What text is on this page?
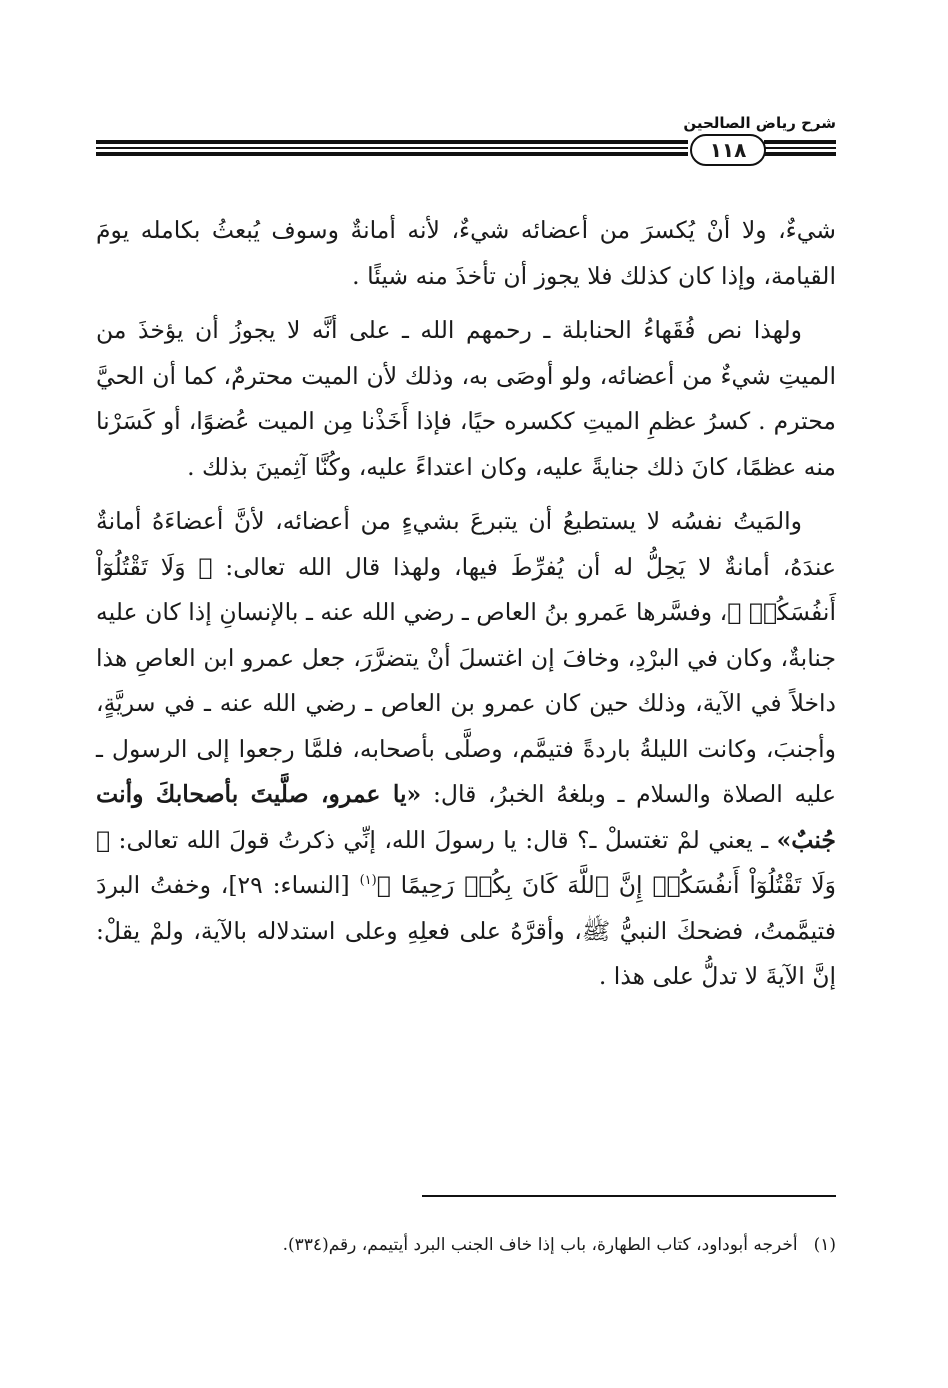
شرح رياض الصالحين
١١٨

شيءٌ، ولا أنْ يُكسرَ من أعضائه شيءٌ، لأنه أمانةٌ وسوف يُبعثُ بكامله يومَ القيامة، وإذا كان كذلك فلا يجوز أن تأخذَ منه شيئًا .

ولهذا نص فُقَهاءُ الحنابلة ـ رحمهم الله ـ على أنَّه لا يجوزُ أن يؤخذَ من الميتِ شيءٌ من أعضائه، ولو أوصَى به، وذلك لأن الميت محترمٌ، كما أن الحيَّ محترم . كسرُ عظمِ الميتِ ككسره حيًا، فإذا أَخَذْنا مِن الميت عُضوًا، أو كَسَرْنا منه عظمًا، كانَ ذلك جنايةً عليه، وكان اعتداءً عليه، وكُنَّا آثِمينَ بذلك .

والمَيتُ نفسُه لا يستطيعُ أن يتبرعَ بشيءٍ من أعضائه، لأنَّ أعضاءَهُ أمانةٌ عندَهُ، أمانةٌ لا يَحِلُّ له أن يُفرِّطَ فيها، ولهذا قال الله تعالى: ﴿ وَلَا تَقْتُلُوٓاْ أَنفُسَكُمۡ ﴾، وفسَّرها عَمرو بنُ العاص ـ رضي الله عنه ـ بالإنسانِ إذا كان عليه جنابةٌ، وكان في البرْدِ، وخافَ إن اغتسلَ أنْ يتضرَّرَ، جعل عمرو ابن العاصِ هذا داخلاً في الآية، وذلك حين كان عمرو بن العاص ـ رضي الله عنه ـ في سريَّةٍ، وأجنبَ، وكانت الليلةُ باردةً فتيمَّم، وصلَّى بأصحابه، فلمَّا رجعوا إلى الرسول ـ عليه الصلاة والسلام ـ وبلغهُ الخبرُ، قال: «يا عمرو، صلَّيتَ بأصحابكَ وأنت جُنبٌ» ـ يعني لمْ تغتسلْ ـ؟ قال: يا رسولَ الله، إنِّي ذكرتُ قولَ الله تعالى: ﴿ وَلَا تَقْتُلُوٓاْ أَنفُسَكُمۡ إِنَّ ٱللَّهَ كَانَ بِكُمۡ رَحِيمًا ﴾$^{(١)}$ [النساء: ٢٩]، وخفتُ البردَ فتيمَّمتُ، فضحكَ النبيُّ ﷺ، وأقرَّهُ على فعلِهِ وعلى استدلاله بالآية، ولمْ يقلْ: إنَّ الآيةَ لا تدلُّ على هذا .

(١)أخرجه أبوداود، كتاب الطهارة، باب إذا خاف الجنب البرد أيتيمم، رقم(٣٣٤).
